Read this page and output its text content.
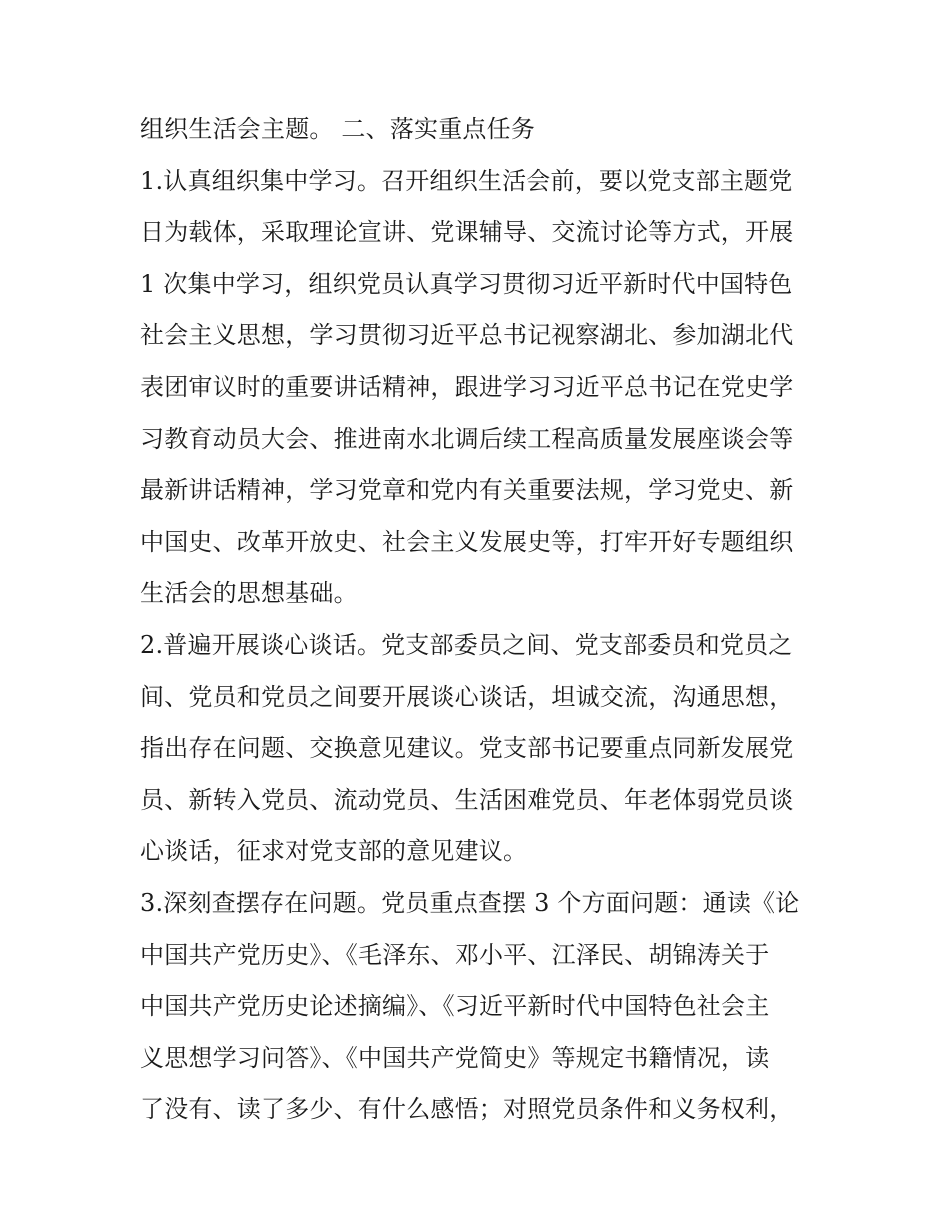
组织生活会主题。 二、落实重点任务
1.认真组织集中学习。召开组织生活会前，要以党支部主题党
日为载体，采取理论宣讲、党课辅导、交流讨论等方式，开展
1 次集中学习，组织党员认真学习贯彻习近平新时代中国特色
社会主义思想，学习贯彻习近平总书记视察湖北、参加湖北代
表团审议时的重要讲话精神，跟进学习习近平总书记在党史学
习教育动员大会、推进南水北调后续工程高质量发展座谈会等
最新讲话精神，学习党章和党内有关重要法规，学习党史、新
中国史、改革开放史、社会主义发展史等，打牢开好专题组织
生活会的思想基础。
2.普遍开展谈心谈话。党支部委员之间、党支部委员和党员之
间、党员和党员之间要开展谈心谈话，坦诚交流，沟通思想，
指出存在问题、交换意见建议。党支部书记要重点同新发展党
员、新转入党员、流动党员、生活困难党员、年老体弱党员谈
心谈话，征求对党支部的意见建议。
3.深刻查摆存在问题。党员重点查摆 3 个方面问题：通读《论
中国共产党历史》、《毛泽东、邓小平、江泽民、胡锦涛关于
中国共产党历史论述摘编》、《习近平新时代中国特色社会主
义思想学习问答》、《中国共产党简史》等规定书籍情况，读
了没有、读了多少、有什么感悟；对照党员条件和义务权利，
